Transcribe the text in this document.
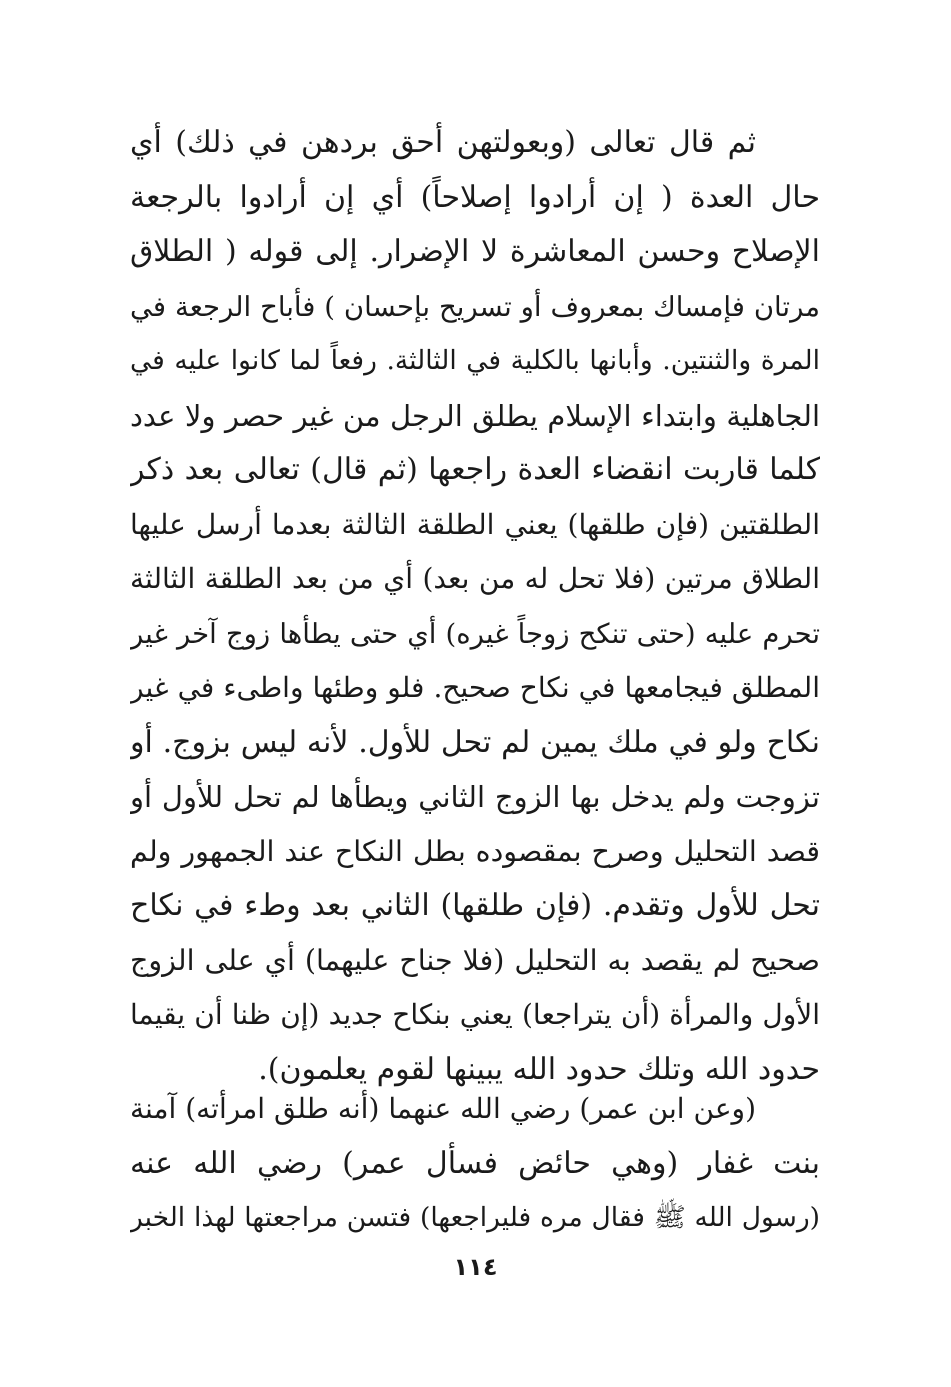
ثم قال تعالى (وبعولتهن أحق بردهن في ذلك) أي
حال العدة ( إن أرادوا إصلاحاً) أي إن أرادوا بالرجعة
الإصلاح وحسن المعاشرة لا الإضرار. إلى قوله ( الطلاق
مرتان فإمساك بمعروف أو تسريح بإحسان ) فأباح الرجعة في
المرة والثنتين. وأبانها بالكلية في الثالثة. رفعاً لما كانوا عليه في
الجاهلية وابتداء الإسلام يطلق الرجل من غير حصر ولا عدد
كلما قاربت انقضاء العدة راجعها (ثم قال) تعالى بعد ذكر
الطلقتين (فإن طلقها) يعني الطلقة الثالثة بعدما أرسل عليها
الطلاق مرتين (فلا تحل له من بعد) أي من بعد الطلقة الثالثة
تحرم عليه (حتى تنكح زوجاً غيره) أي حتى يطأها زوج آخر غير
المطلق فيجامعها في نكاح صحيح. فلو وطئها واطىء في غير
نكاح ولو في ملك يمين لم تحل للأول. لأنه ليس بزوج. أو
تزوجت ولم يدخل بها الزوج الثاني ويطأها لم تحل للأول أو
قصد التحليل وصرح بمقصوده بطل النكاح عند الجمهور ولم
تحل للأول وتقدم. (فإن طلقها) الثاني بعد وطء في نكاح
صحيح لم يقصد به التحليل (فلا جناح عليهما) أي على الزوج
الأول والمرأة (أن يتراجعا) يعني بنكاح جديد (إن ظنا أن يقيما
حدود الله وتلك حدود الله يبينها لقوم يعلمون).
(وعن ابن عمر) رضي الله عنهما (أنه طلق امرأته) آمنة
بنت غفار (وهي حائض فسأل عمر) رضي الله عنه
(رسول الله ﷺ فقال مره فليراجعها) فتسن مراجعتها لهذا الخبر
١١٤
